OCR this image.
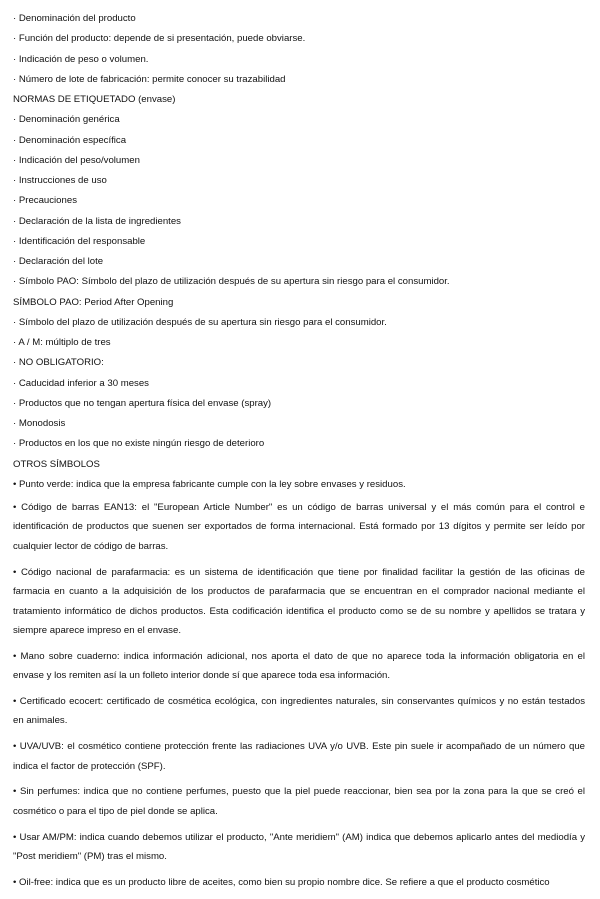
· Denominación del producto
· Función del producto: depende de si presentación, puede obviarse.
· Indicación de peso o volumen.
· Número de lote de fabricación: permite conocer su trazabilidad
NORMAS DE ETIQUETADO (envase)
· Denominación genérica
· Denominación específica
· Indicación del peso/volumen
· Instrucciones de uso
· Precauciones
· Declaración de la lista de ingredientes
· Identificación del responsable
· Declaración del lote
· Símbolo PAO: Símbolo del plazo de utilización después de su apertura sin riesgo para el consumidor.
SÍMBOLO PAO: Period After Opening
· Símbolo del plazo de utilización después de su apertura sin riesgo para el consumidor.
· A / M: múltiplo de tres
· NO OBLIGATORIO:
· Caducidad inferior a 30 meses
· Productos que no tengan apertura física del envase (spray)
· Monodosis
· Productos en los que no existe ningún riesgo de deterioro
OTROS SÍMBOLOS
• Punto verde: indica que la empresa fabricante cumple con la ley sobre envases y residuos.

• Código de barras EAN13: el "European Article Number" es un código de barras universal y el más común para el control e identificación de productos que suenen ser exportados de forma internacional. Está formado por 13 dígitos y permite ser leído por cualquier lector de código de barras.

• Código nacional de parafarmacia: es un sistema de identificación que tiene por finalidad facilitar la gestión de las oficinas de farmacia en cuanto a la adquisición de los productos de parafarmacia que se encuentran en el comprador nacional mediante el tratamiento informático de dichos productos. Esta codificación identifica el producto como se de su nombre y apellidos se tratara y siempre aparece impreso en el envase.

• Mano sobre cuaderno: indica información adicional, nos aporta el dato de que no aparece toda la información obligatoria en el envase y los remiten así la un folleto interior donde sí que aparece toda esa información.

• Certificado ecocert: certificado de cosmética ecológica, con ingredientes naturales, sin conservantes químicos y no están testados en animales.

• UVA/UVB: el cosmético contiene protección frente las radiaciones UVA y/o UVB. Este pin suele ir acompañado de un número que indica el factor de protección (SPF).

• Sin perfumes: indica que no contiene perfumes, puesto que la piel puede reaccionar, bien sea por la zona para la que se creó el cosmético o para el tipo de piel donde se aplica.

• Usar AM/PM: indica cuando debemos utilizar el producto, "Ante meridiem" (AM) indica que debemos aplicarlo antes del mediodía y "Post meridiem" (PM) tras el mismo.

• Oil-free: indica que es un producto libre de aceites, como bien su propio nombre dice. Se refiere a que el producto cosmético
